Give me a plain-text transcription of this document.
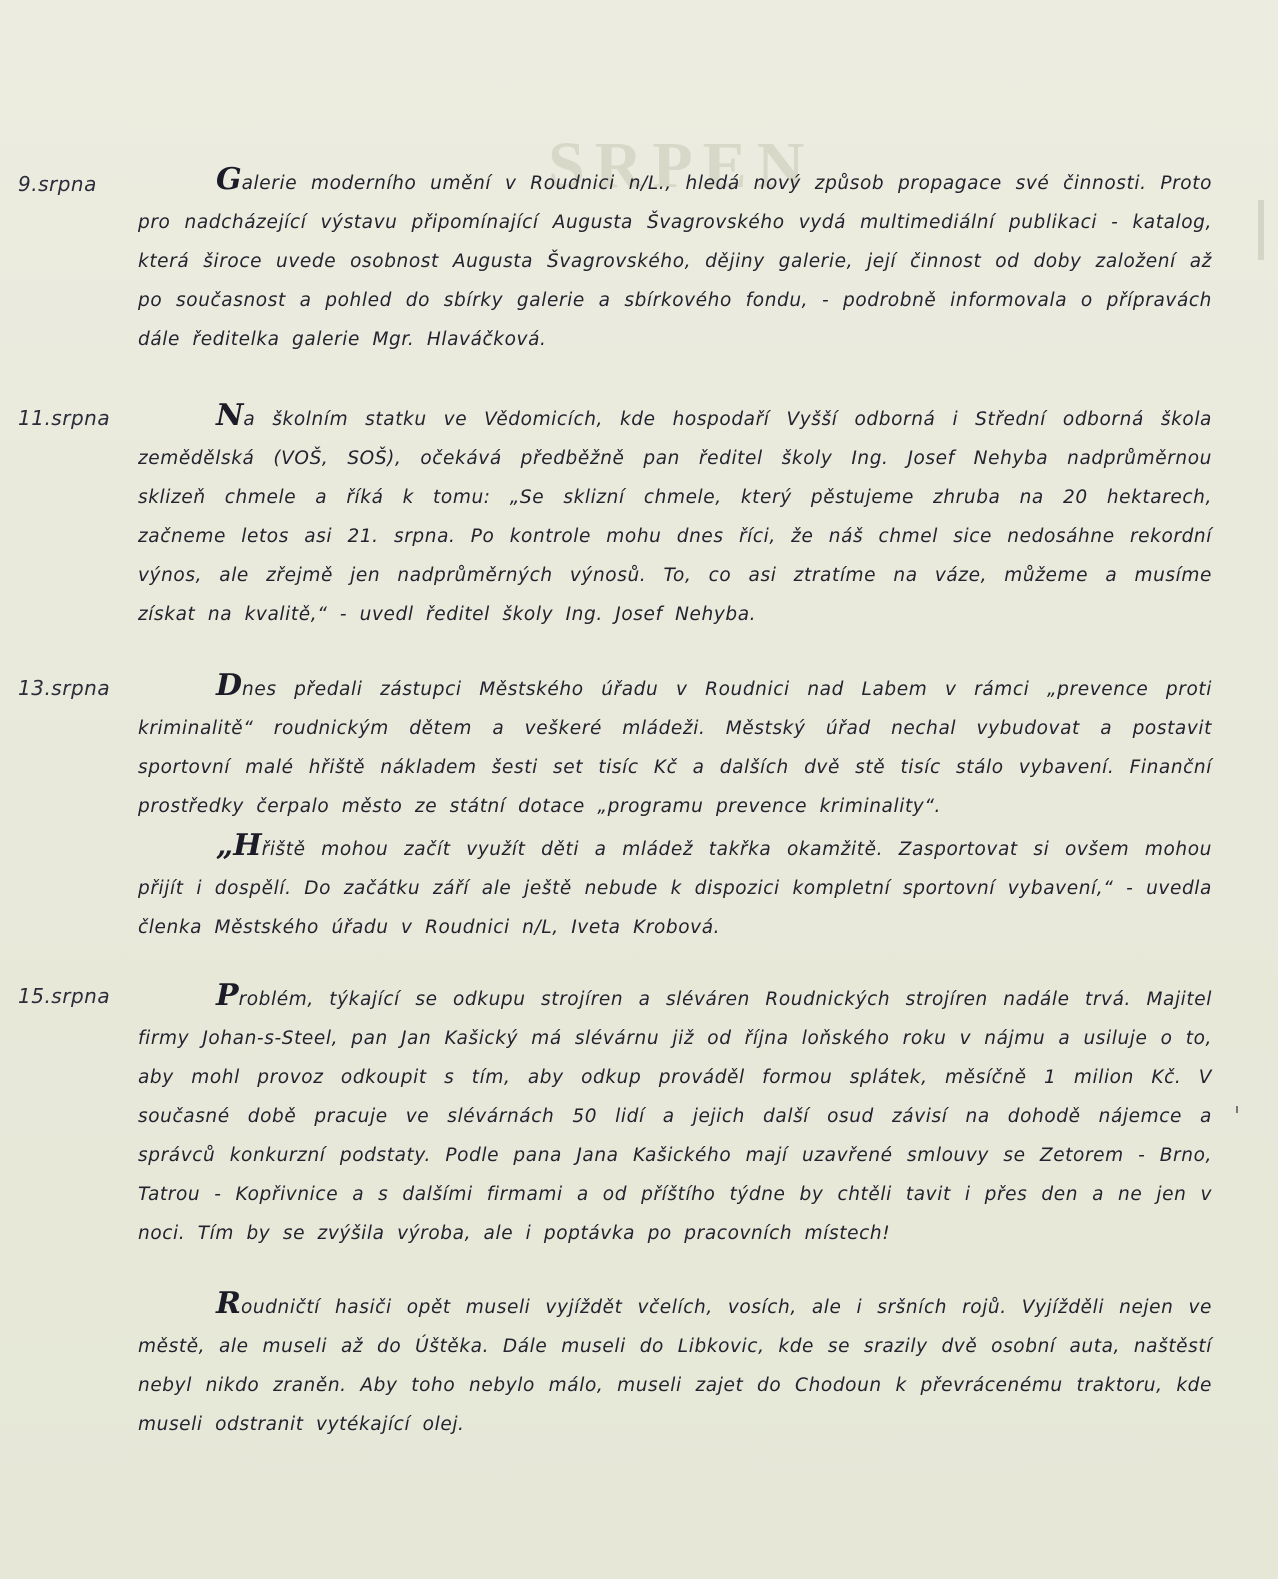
SRPEN
9.srpna	Galerie moderního umění v Roudnici n/L., hledá nový způsob propagace své činnosti. Proto pro nadcházející výstavu připomínající Augusta Švagrovského vydá multimediální publikaci - katalog, která široce uvede osobnost Augusta Švagrovského, dějiny galerie, její činnost od doby založení až po současnost a pohled do sbírky galerie a sbírkového fondu, - podrobně informovala o přípravách dále ředitelka galerie Mgr. Hlaváčková.

11.srpna	Na školním statku ve Vědomicích, kde hospodaří Vyšší odborná i Střední odborná škola zemědělská (VOŠ, SOŠ), očekává předběžně pan ředitel školy Ing. Josef Nehyba nadprůměrnou sklizeň chmele a říká k tomu: „Se sklizní chmele, který pěstujeme zhruba na 20 hektarech, začneme letos asi 21. srpna. Po kontrole mohu dnes říci, že náš chmel sice nedosáhne rekordní výnos, ale zřejmě jen nadprůměrných výnosů. To, co asi ztratíme na váze, můžeme a musíme získat na kvalitě,“ - uvedl ředitel školy Ing. Josef Nehyba.

13.srpna	Dnes předali zástupci Městského úřadu v Roudnici nad Labem v rámci „prevence proti kriminalitě“ roudnickým dětem a veškeré mládeži. Městský úřad nechal vybudovat a postavit sportovní malé hřiště nákladem šesti set tisíc Kč a dalších dvě stě tisíc stálo vybavení. Finanční prostředky čerpalo město ze státní dotace „programu prevence kriminality“.

„Hřiště mohou začít využít děti a mládež takřka okamžitě. Zasportovat si ovšem mohou přijít i dospělí. Do začátku září ale ještě nebude k dispozici kompletní sportovní vybavení,“ - uvedla členka Městského úřadu v Roudnici n/L, Iveta Krobová.

15.srpna	Problém, týkající se odkupu strojíren a sléváren Roudnických strojíren nadále trvá. Majitel firmy Johan-s-Steel, pan Jan Kašický má slévárnu již od října loňského roku v nájmu a usiluje o to, aby mohl provoz odkoupit s tím, aby odkup prováděl formou splátek, měsíčně 1 milion Kč. V současné době pracuje ve slévárnách 50 lidí a jejich další osud závisí na dohodě nájemce a správců konkurzní podstaty. Podle pana Jana Kašického mají uzavřené smlouvy se Zetorem - Brno, Tatrou - Kopřivnice a s dalšími firmami a od příštího týdne by chtěli tavit i přes den a ne jen v noci. Tím by se zvýšila výroba, ale i poptávka po pracovních místech!

Roudničtí hasiči opět museli vyjíždět včelích, vosích, ale i sršních rojů. Vyjížděli nejen ve městě, ale museli až do Úštěka. Dále museli do Libkovic, kde se srazily dvě osobní auta, naštěstí nebyl nikdo zraněn. Aby toho nebylo málo, museli zajet do Chodoun k převrácenému traktoru, kde museli odstranit vytékající olej.
